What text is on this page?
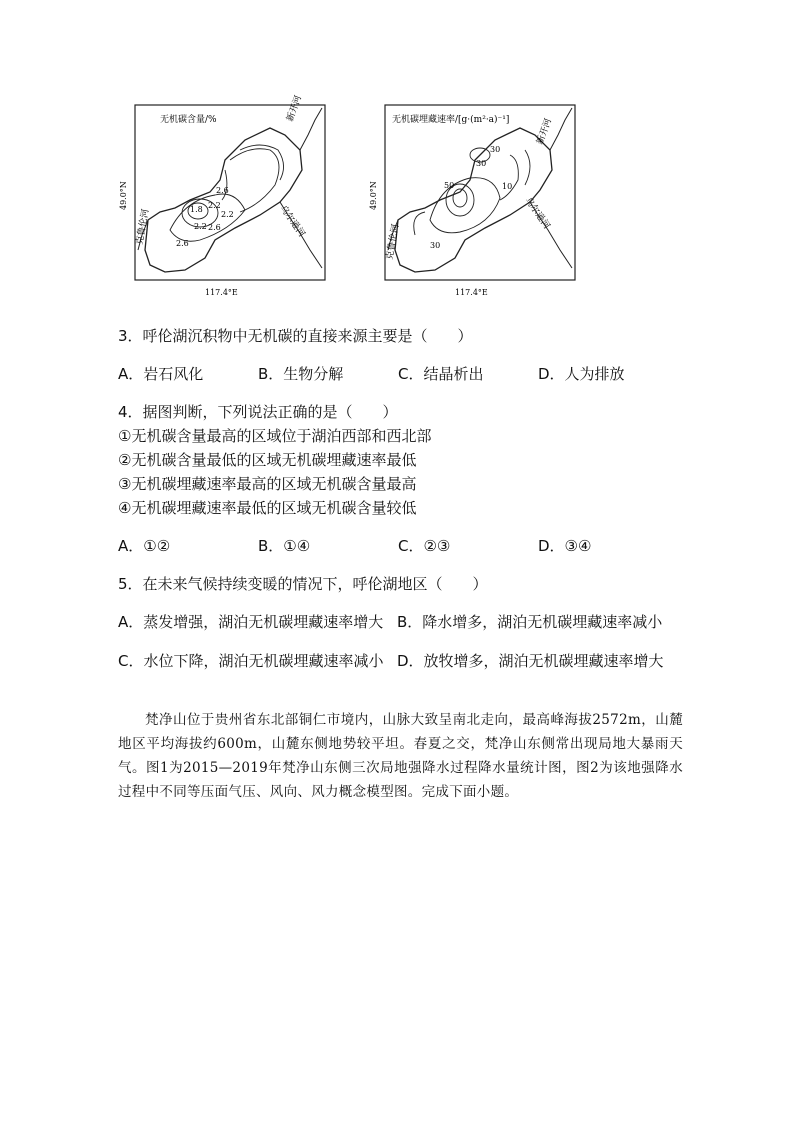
无机碳含量/%
49.0°N
117.4°E
新开河
乌尔逊河
克鲁伦河	1.8 2.2
2.2
2.2
2.6
2.6
2.6
无机碳埋藏速率/[g·(m²·a)⁻¹]
49.0°N
117.4°E
新开河
乌尔逊河
克鲁伦河
30
30
50	10
30
3．呼伦湖沉积物中无机碳的直接来源主要是（　　）
A．岩石风化	B．生物分解	C．结晶析出	D．人为排放
4．据图判断，下列说法正确的是（　　）
①无机碳含量最高的区域位于湖泊西部和西北部
②无机碳含量最低的区域无机碳埋藏速率最低
③无机碳埋藏速率最高的区域无机碳含量最高
④无机碳埋藏速率最低的区域无机碳含量较低
A．①②	B．①④	C．②③	D．③④
5．在未来气候持续变暖的情况下，呼伦湖地区（　　）
A．蒸发增强，湖泊无机碳埋藏速率增大 B．降水增多，湖泊无机碳埋藏速率减小
C．水位下降，湖泊无机碳埋藏速率减小 D．放牧增多，湖泊无机碳埋藏速率增大
梵净山位于贵州省东北部铜仁市境内，山脉大致呈南北走向，最高峰海拔2572m，山麓地区平均海拔约600m，山麓东侧地势较平坦。春夏之交，梵净山东侧常出现局地大暴雨天气。图1为2015—2019年梵净山东侧三次局地强降水过程降水量统计图，图2为该地强降水过程中不同等压面气压、风向、风力概念模型图。完成下面小题。
